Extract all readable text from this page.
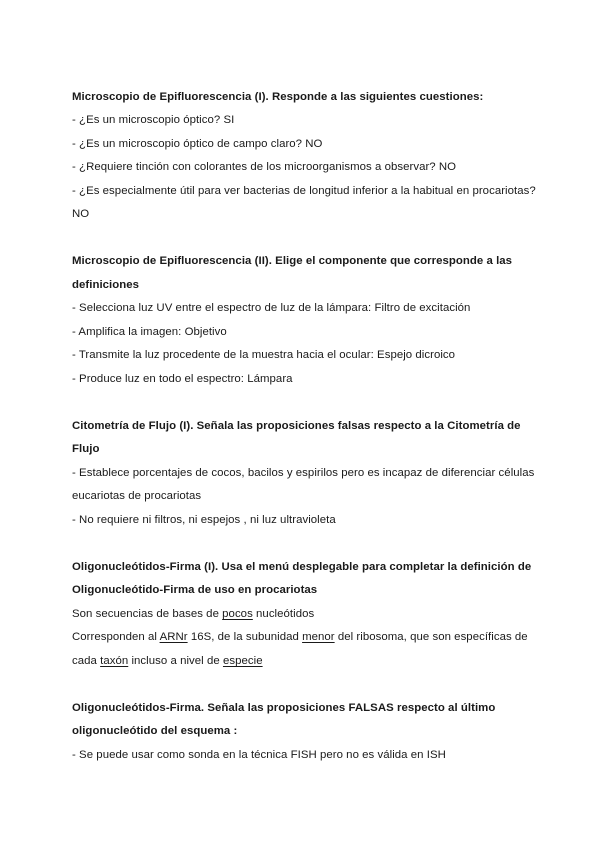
Microscopio de Epifluorescencia (I). Responde a las siguientes cuestiones:
- ¿Es un microscopio óptico? SI
- ¿Es un microscopio óptico de campo claro? NO
- ¿Requiere tinción con colorantes de los microorganismos a observar? NO
- ¿Es especialmente útil para ver bacterias de longitud inferior a la habitual en procariotas?
NO
Microscopio de Epifluorescencia (II). Elige el componente que corresponde a las
definiciones
- Selecciona luz UV entre el espectro de luz de la lámpara: Filtro de excitación
- Amplifica la imagen: Objetivo
- Transmite la luz procedente de la muestra hacia el ocular: Espejo dicroico
- Produce luz en todo el espectro: Lámpara
Citometría de Flujo (I). Señala las proposiciones falsas respecto a la Citometría de
Flujo
- Establece porcentajes de cocos, bacilos y espirilos pero es incapaz de diferenciar células
eucariotas de procariotas
- No requiere ni filtros, ni espejos , ni luz ultravioleta
Oligonucleótidos-Firma (I). Usa el menú desplegable para completar la definición de
Oligonucleótido-Firma de uso en procariotas
Son secuencias de bases de pocos nucleótidos
Corresponden al ARNr 16S, de la subunidad menor del ribosoma, que son específicas de
cada taxón incluso a nivel de especie
Oligonucleótidos-Firma. Señala las proposiciones FALSAS respecto al último
oligonucleótido del esquema :
- Se puede usar como sonda en la técnica FISH pero no es válida en ISH
